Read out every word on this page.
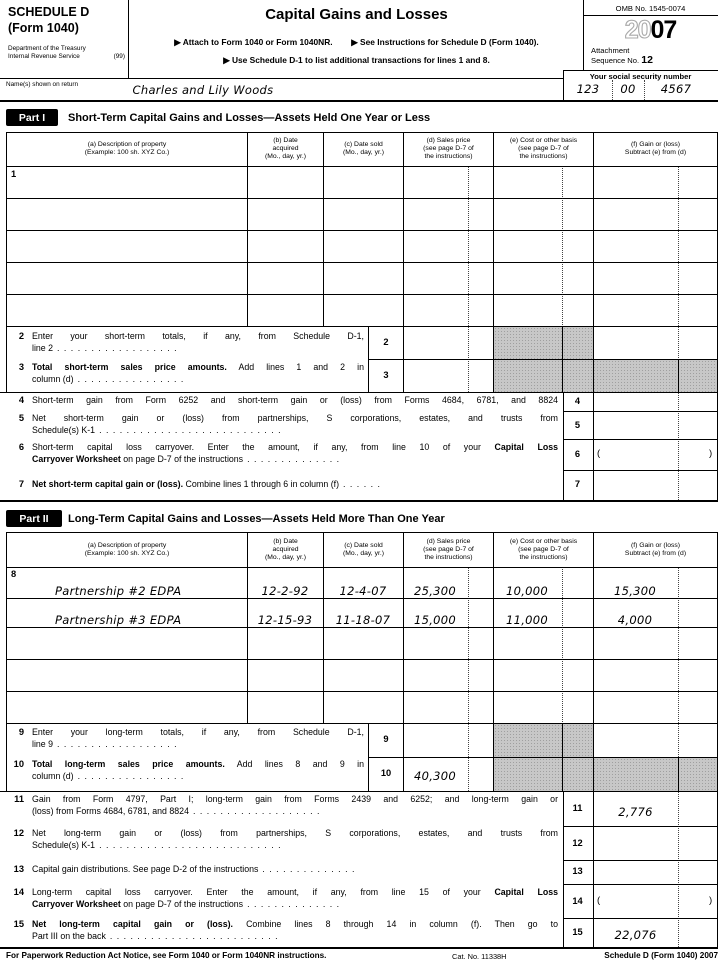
SCHEDULE D
(Form 1040)
Department of the Treasury
Internal Revenue Service	(99)
Capital Gains and Losses
▶ Attach to Form 1040 or Form 1040NR. ▶ See Instructions for Schedule D (Form 1040).
▶ Use Schedule D-1 to list additional transactions for lines 1 and 8.
OMB No. 1545-0074
2007
Attachment
Sequence No. 12
Name(s) shown on return	Charles and Lily Woods
Your social security number
123	00	4567
Part I	Short-Term Capital Gains and Losses—Assets Held One Year or Less
(a) Description of property
(Example: 100 sh. XYZ Co.)
(b) Date
acquired
(Mo., day, yr.)
(c) Date sold
(Mo., day, yr.)
(d) Sales price
(see page D-7 of
the instructions)
(e) Cost or other basis
(see page D-7 of
the instructions)
(f) Gain or (loss)
Subtract (e) from (d)
1
2 Enter your short-term totals, if any, from Schedule D-1,
line 2 . . . . . . . . . . . . . . . . . .
2
3 Total short-term sales price amounts. Add lines 1 and 2 in
column (d) . . . . . . . . . . . . . . . .	3
4 Short-term gain from Form 6252 and short-term gain or (loss) from Forms 4684, 6781, and 8824	4
5 Net short-term gain or (loss) from partnerships, S corporations, estates, and trusts from
Schedule(s) K-1 . . . . . . . . . . . . . . . . . . . . . . . . . . .	5
6 Short-term capital loss carryover. Enter the amount, if any, from line 10 of your Capital Loss
Carryover Worksheet on page D-7 of the instructions . . . . . . . . . . . . . .	6	(	)
7 Net short-term capital gain or (loss). Combine lines 1 through 6 in column (f) . . . . . .	7
Part II	Long-Term Capital Gains and Losses—Assets Held More Than One Year
(a) Description of property
(Example: 100 sh. XYZ Co.)
(b) Date
acquired
(Mo., day, yr.)
(c) Date sold
(Mo., day, yr.)
(d) Sales price
(see page D-7 of
the instructions)
(e) Cost or other basis
(see page D-7 of
the instructions)
(f) Gain or (loss)
Subtract (e) from (d)
8
Partnership #2 EDPA	12-2-92	12-4-07	25,300	10,000	15,300
Partnership #3 EDPA	12-15-93	11-18-07	15,000	11,000	4,000
9 Enter your long-term totals, if any, from Schedule D-1,
line 9 . . . . . . . . . . . . . . . . . .	9
10 Total long-term sales price amounts. Add lines 8 and 9 in
column (d) . . . . . . . . . . . . . . . .	10	40,300
11 Gain from Form 4797, Part I; long-term gain from Forms 2439 and 6252; and long-term gain or
(loss) from Forms 4684, 6781, and 8824 . . . . . . . . . . . . . . . . . . .	11	2,776
12 Net long-term gain or (loss) from partnerships, S corporations, estates, and trusts from
Schedule(s) K-1 . . . . . . . . . . . . . . . . . . . . . . . . . . .	12
13 Capital gain distributions. See page D-2 of the instructions . . . . . . . . . . . . . .	13
14 Long-term capital loss carryover. Enter the amount, if any, from line 15 of your Capital Loss
Carryover Worksheet on page D-7 of the instructions . . . . . . . . . . . . . .	14	(	)
15 Net long-term capital gain or (loss). Combine lines 8 through 14 in column (f). Then go to
Part III on the back . . . . . . . . . . . . . . . . . . . . . . . . .	15	22,076
For Paperwork Reduction Act Notice, see Form 1040 or Form 1040NR instructions.	Cat. No. 11338H	Schedule D (Form 1040) 2007
